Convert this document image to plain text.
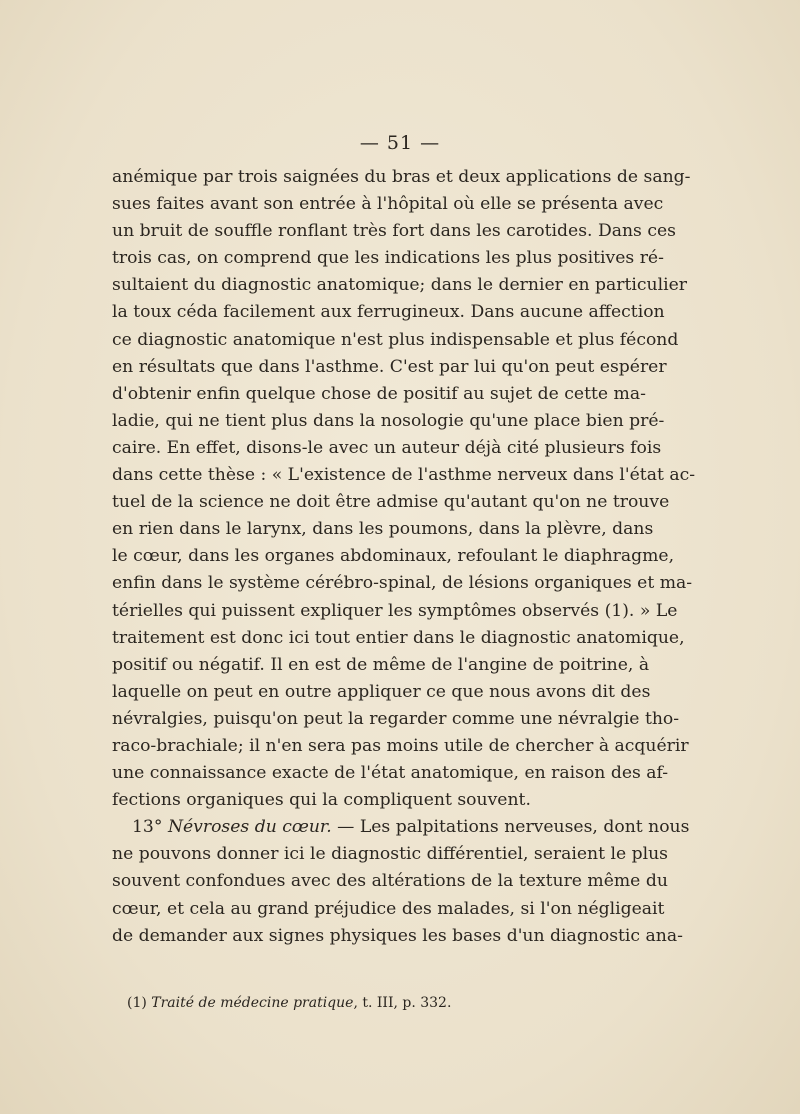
— 51 —
anémique par trois saignées du bras et deux applications de sang-
sues faites avant son entrée à l'hôpital où elle se présenta avec
un bruit de souffle ronflant très fort dans les carotides. Dans ces
trois cas, on comprend que les indications les plus positives ré-
sultaient du diagnostic anatomique; dans le dernier en particulier
la toux céda facilement aux ferrugineux. Dans aucune affection
ce diagnostic anatomique n'est plus indispensable et plus fécond
en résultats que dans l'asthme. C'est par lui qu'on peut espérer
d'obtenir enfin quelque chose de positif au sujet de cette ma-
ladie, qui ne tient plus dans la nosologie qu'une place bien pré-
caire. En effet, disons-le avec un auteur déjà cité plusieurs fois
dans cette thèse : « L'existence de l'asthme nerveux dans l'état ac-
tuel de la science ne doit être admise qu'autant qu'on ne trouve
en rien dans le larynx, dans les poumons, dans la plèvre, dans
le cœur, dans les organes abdominaux, refoulant le diaphragme,
enfin dans le système cérébro-spinal, de lésions organiques et ma-
térielles qui puissent expliquer les symptômes observés (1). » Le
traitement est donc ici tout entier dans le diagnostic anatomique,
positif ou négatif. Il en est de même de l'angine de poitrine, à
laquelle on peut en outre appliquer ce que nous avons dit des
névralgies, puisqu'on peut la regarder comme une névralgie tho-
raco-brachiale; il n'en sera pas moins utile de chercher à acquérir
une connaissance exacte de l'état anatomique, en raison des af-
fections organiques qui la compliquent souvent.
13° Névroses du cœur. — Les palpitations nerveuses, dont nous
ne pouvons donner ici le diagnostic différentiel, seraient le plus
souvent confondues avec des altérations de la texture même du
cœur, et cela au grand préjudice des malades, si l'on négligeait
de demander aux signes physiques les bases d'un diagnostic ana-
(1) Traité de médecine pratique, t. III, p. 332.
